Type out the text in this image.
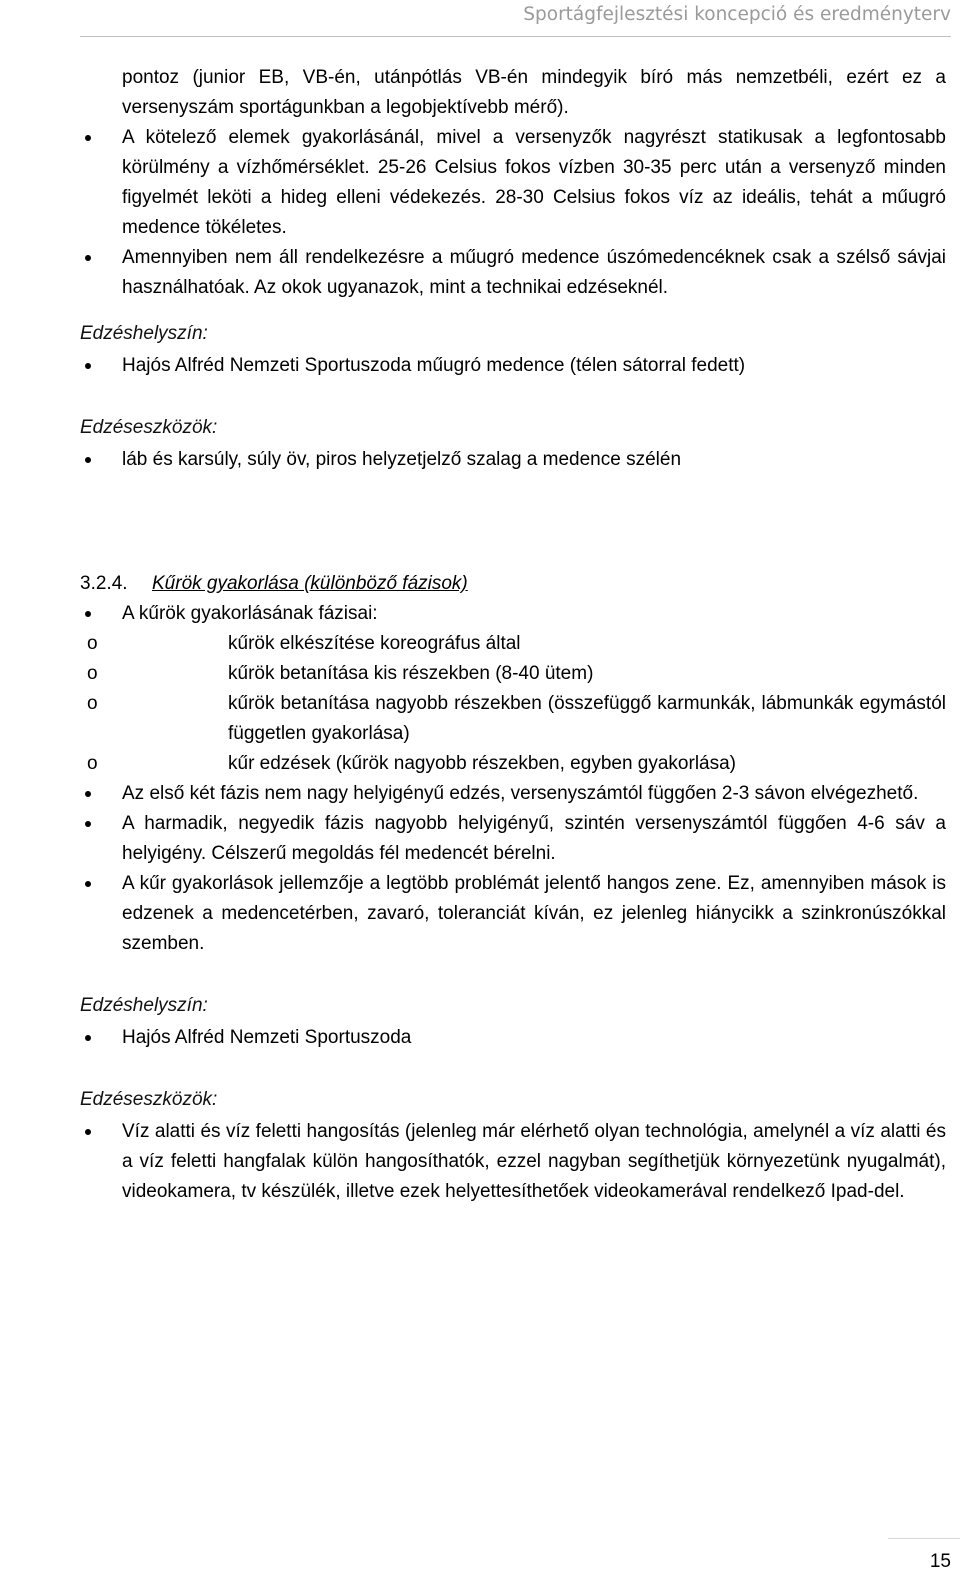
Sportágfejlesztési koncepció és eredményterv

pontoz (junior EB, VB-én, utánpótlás VB-én mindegyik bíró más nemzetbéli, ezért ez a versenyszám sportágunkban a legobjektívebb mérő).

A kötelező elemek gyakorlásánál, mivel a versenyzők nagyrészt statikusak a legfontosabb körülmény a vízhőmérséklet. 25-26 Celsius fokos vízben 30-35 perc után a versenyző minden figyelmét leköti a hideg elleni védekezés. 28-30 Celsius fokos víz az ideális, tehát a műugró medence tökéletes.
Amennyiben nem áll rendelkezésre a műugró medence úszómedencéknek csak a szélső sávjai használhatóak. Az okok ugyanazok, mint a technikai edzéseknél.

Edzéshelyszín:

Hajós Alfréd Nemzeti Sportuszoda műugró medence (télen sátorral fedett)

Edzéseszközök:

láb és karsúly, súly öv, piros helyzetjelző szalag a medence szélén

3.2.4. Kűrök gyakorlása (különböző fázisok)

A kűrök gyakorlásának fázisai:
o	kűrök elkészítése koreográfus által
o	kűrök betanítása kis részekben (8-40 ütem)
o	kűrök betanítása nagyobb részekben (összefüggő karmunkák, lábmunkák egymástól független gyakorlása)
o	kűr edzések (kűrök nagyobb részekben, egyben gyakorlása)
Az első két fázis nem nagy helyigényű edzés, versenyszámtól függően 2-3 sávon elvégezhető.
A harmadik, negyedik fázis nagyobb helyigényű, szintén versenyszámtól függően 4-6 sáv a helyigény. Célszerű megoldás fél medencét bérelni.
A kűr gyakorlások jellemzője a legtöbb problémát jelentő hangos zene. Ez, amennyiben mások is edzenek a medencetérben, zavaró, toleranciát kíván, ez jelenleg hiánycikk a szinkronúszókkal szemben.

Edzéshelyszín:

Hajós Alfréd Nemzeti Sportuszoda

Edzéseszközök:

Víz alatti és víz feletti hangosítás (jelenleg már elérhető olyan technológia, amelynél a víz alatti és a víz feletti hangfalak külön hangosíthatók, ezzel nagyban segíthetjük környezetünk nyugalmát), videokamera, tv készülék, illetve ezek helyettesíthetőek videokamerával rendelkező Ipad-del.
15
